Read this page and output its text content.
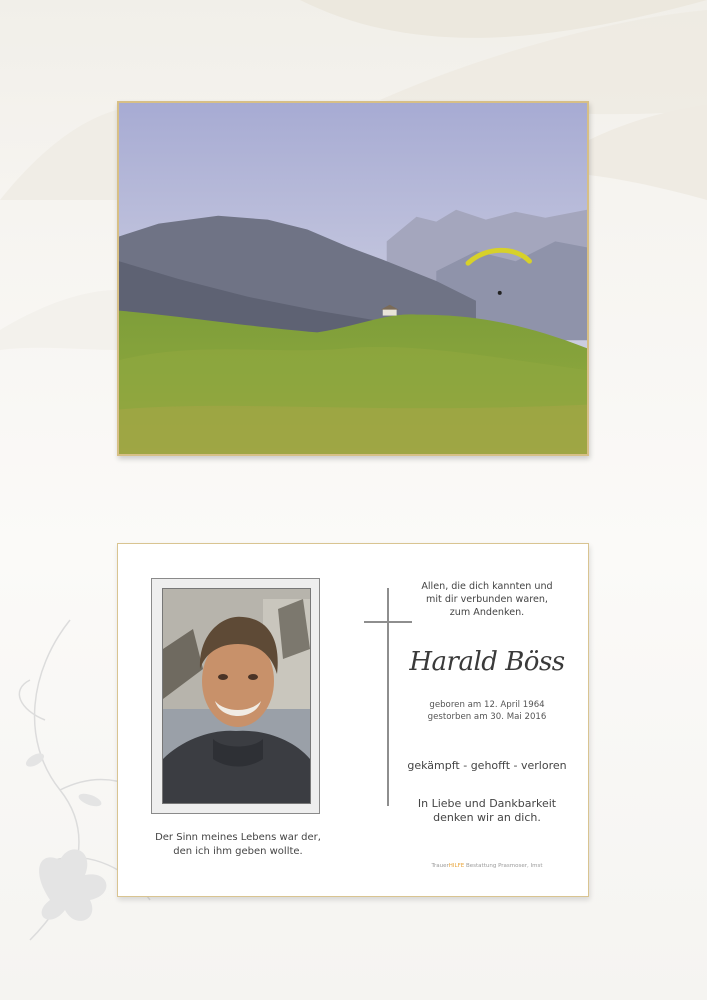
Der Sinn meines Lebens war der,
den ich ihm geben wollte.
Allen, die dich kannten und
mit dir verbunden waren,
zum Andenken.
Harald Böss
geboren am 12. April 1964
gestorben am 30. Mai 2016
gekämpft - gehofft - verloren
In Liebe und Dankbarkeit
denken wir an dich.
TrauerHILFE Bestattung Prasmoser, Imst
